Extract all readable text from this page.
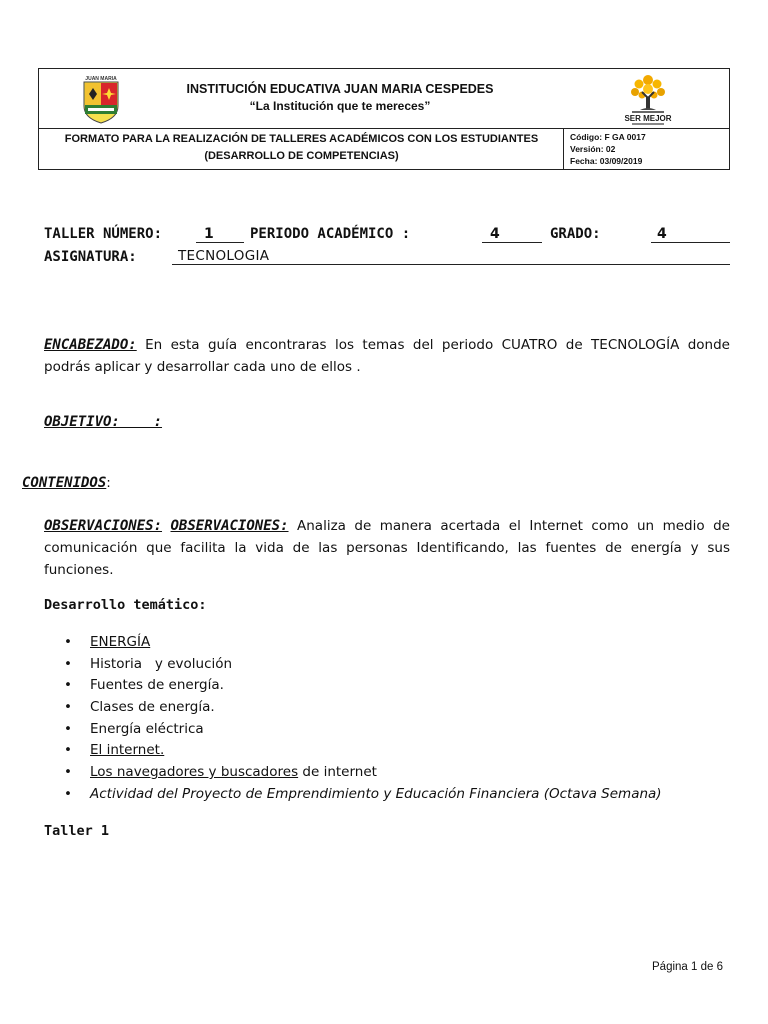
JUAN MARIA
SER MEJOR
INSTITUCIÓN EDUCATIVA JUAN MARIA CESPEDES
“La Institución que te mereces”
FORMATO PARA LA REALIZACIÓN DE TALLERES ACADÉMICOS CON LOS ESTUDIANTES
(DESARROLLO DE COMPETENCIAS)
Código: F GA 0017
Versión: 02
Fecha: 03/09/2019
TALLER NÚMERO:	1	PERIODO ACADÉMICO :	4	GRADO:	4
ASIGNATURA:	TECNOLOGIA
ENCABEZADO: En esta guía encontraras los temas del periodo CUATRO de TECNOLOGÍA donde podrás aplicar y desarrollar cada uno de ellos .
OBJETIVO:    :
CONTENIDOS:
OBSERVACIONES: OBSERVACIONES: Analiza de manera acertada el Internet como un medio de comunicación que facilita la vida de las personas Identificando, las fuentes de energía y sus funciones.
Desarrollo temático:
• ENERGÍA
• Historia   y evolución
• Fuentes de energía.
• Clases de energía.
• Energía eléctrica
• El internet.
• Los navegadores y buscadores de internet
• Actividad del Proyecto de Emprendimiento y Educación Financiera (Octava Semana)
Taller 1
Página 1 de 6
